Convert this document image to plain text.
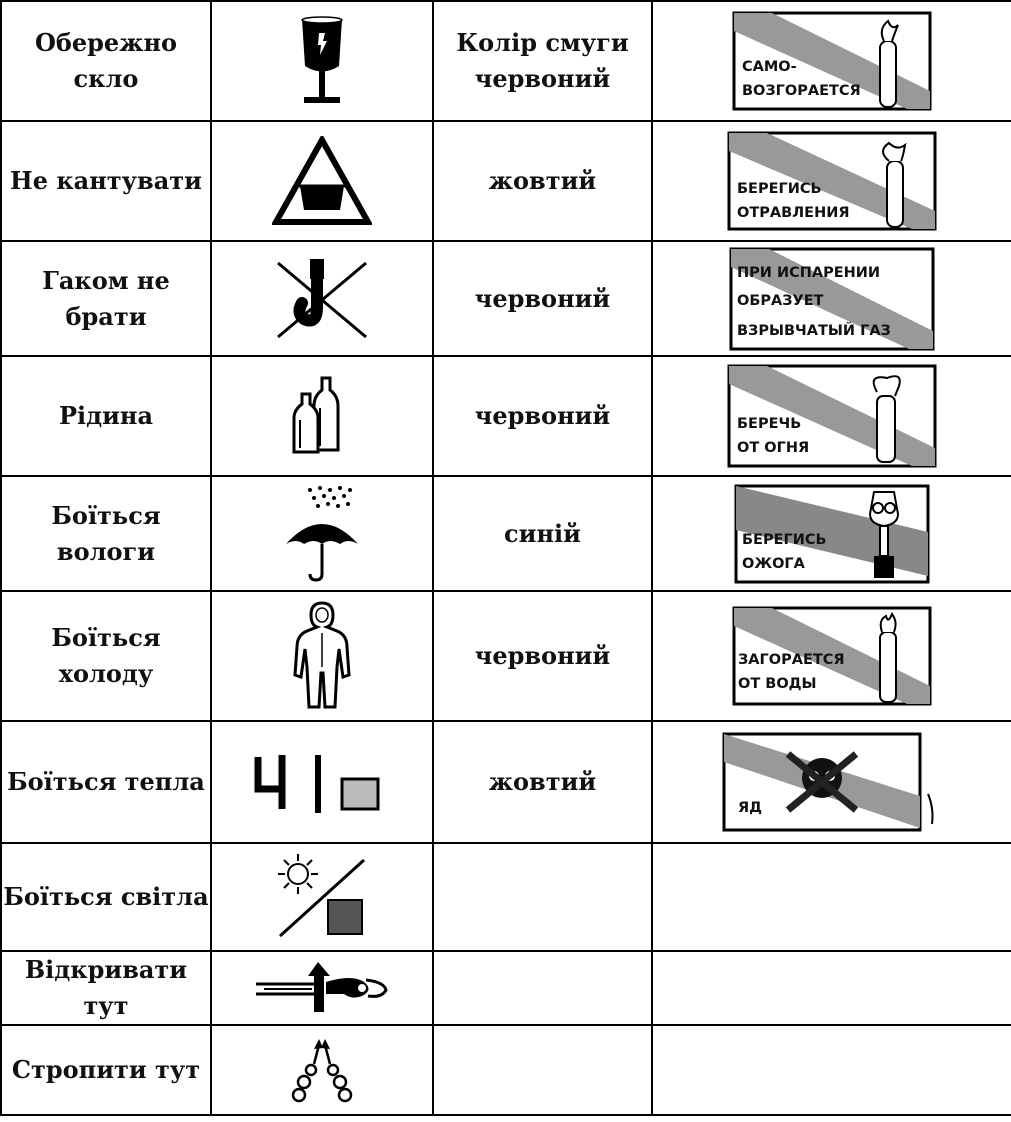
Обережно
скло		Колір смуги
червоний	САМО-
ВОЗГОРАЕТСЯ

Не кантувати		жовтий	БЕРЕГИСЬ
ОТРАВЛЕНИЯ

Гаком не
брати		червоний	ПРИ ИСПАРЕНИИ
ОБРАЗУЕТ
ВЗРЫВЧАТЫЙ ГАЗ

Рідина		червоний	БЕРЕЧЬ
ОТ ОГНЯ

Боїться
вологи		синій	БЕРЕГИСЬ
ОЖОГА

Боїться
холоду		червоний	ЗАГОРАЕТСЯ
ОТ ВОДЫ

Боїться тепла		жовтий	ЯД

Боїться світла	

Відкривати
тут	

Стропити тут	
